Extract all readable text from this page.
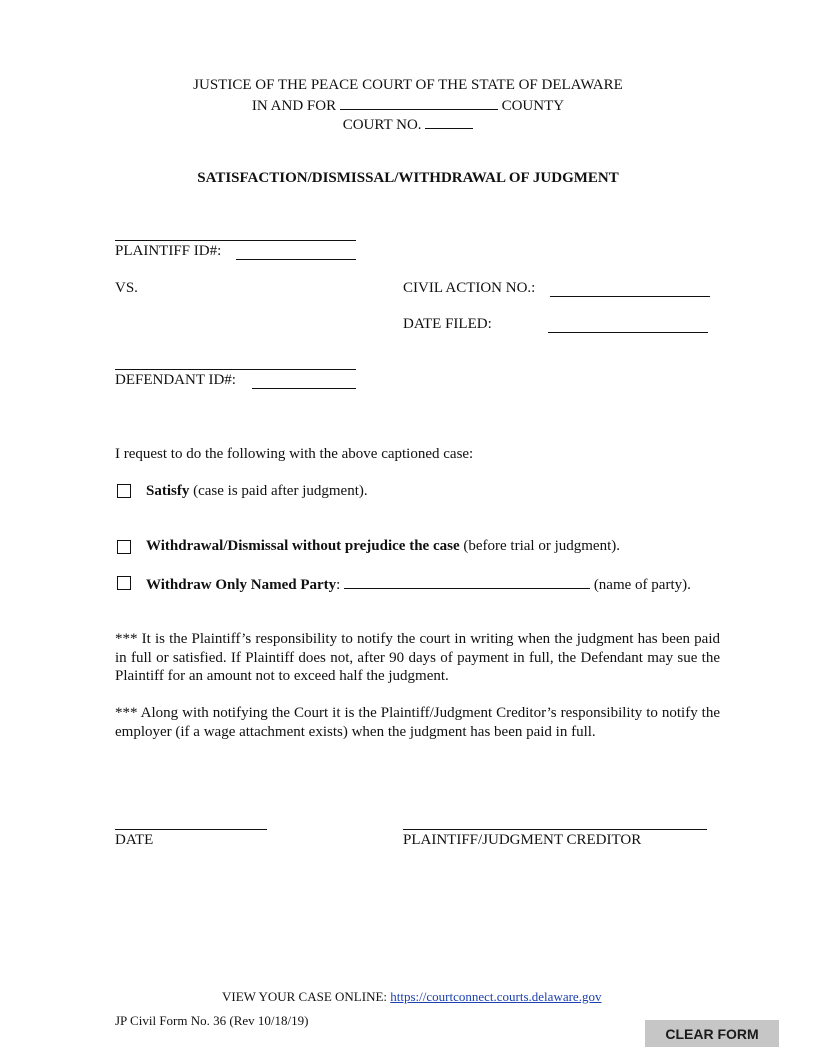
JUSTICE OF THE PEACE COURT OF THE STATE OF DELAWARE
IN AND FOR	COUNTY
COURT NO.
SATISFACTION/DISMISSAL/WITHDRAWAL OF JUDGMENT
PLAINTIFF ID#:
VS.	CIVIL ACTION NO.:
DATE FILED:
DEFENDANT ID#:
I request to do the following with the above captioned case:
Satisfy (case is paid after judgment).
Withdrawal/Dismissal without prejudice the case (before trial or judgment).
Withdraw Only Named Party:	(name of party).
*** It is the Plaintiff’s responsibility to notify the court in writing when the judgment has been paid in full or satisfied. If Plaintiff does not, after 90 days of payment in full, the Defendant may sue the Plaintiff for an amount not to exceed half the judgment.
*** Along with notifying the Court it is the Plaintiff/Judgment Creditor’s responsibility to notify the employer (if a wage attachment exists) when the judgment has been paid in full.
DATE	PLAINTIFF/JUDGMENT CREDITOR
VIEW YOUR CASE ONLINE: https://courtconnect.courts.delaware.gov
JP Civil Form No. 36 (Rev 10/18/19)
CLEAR FORM
